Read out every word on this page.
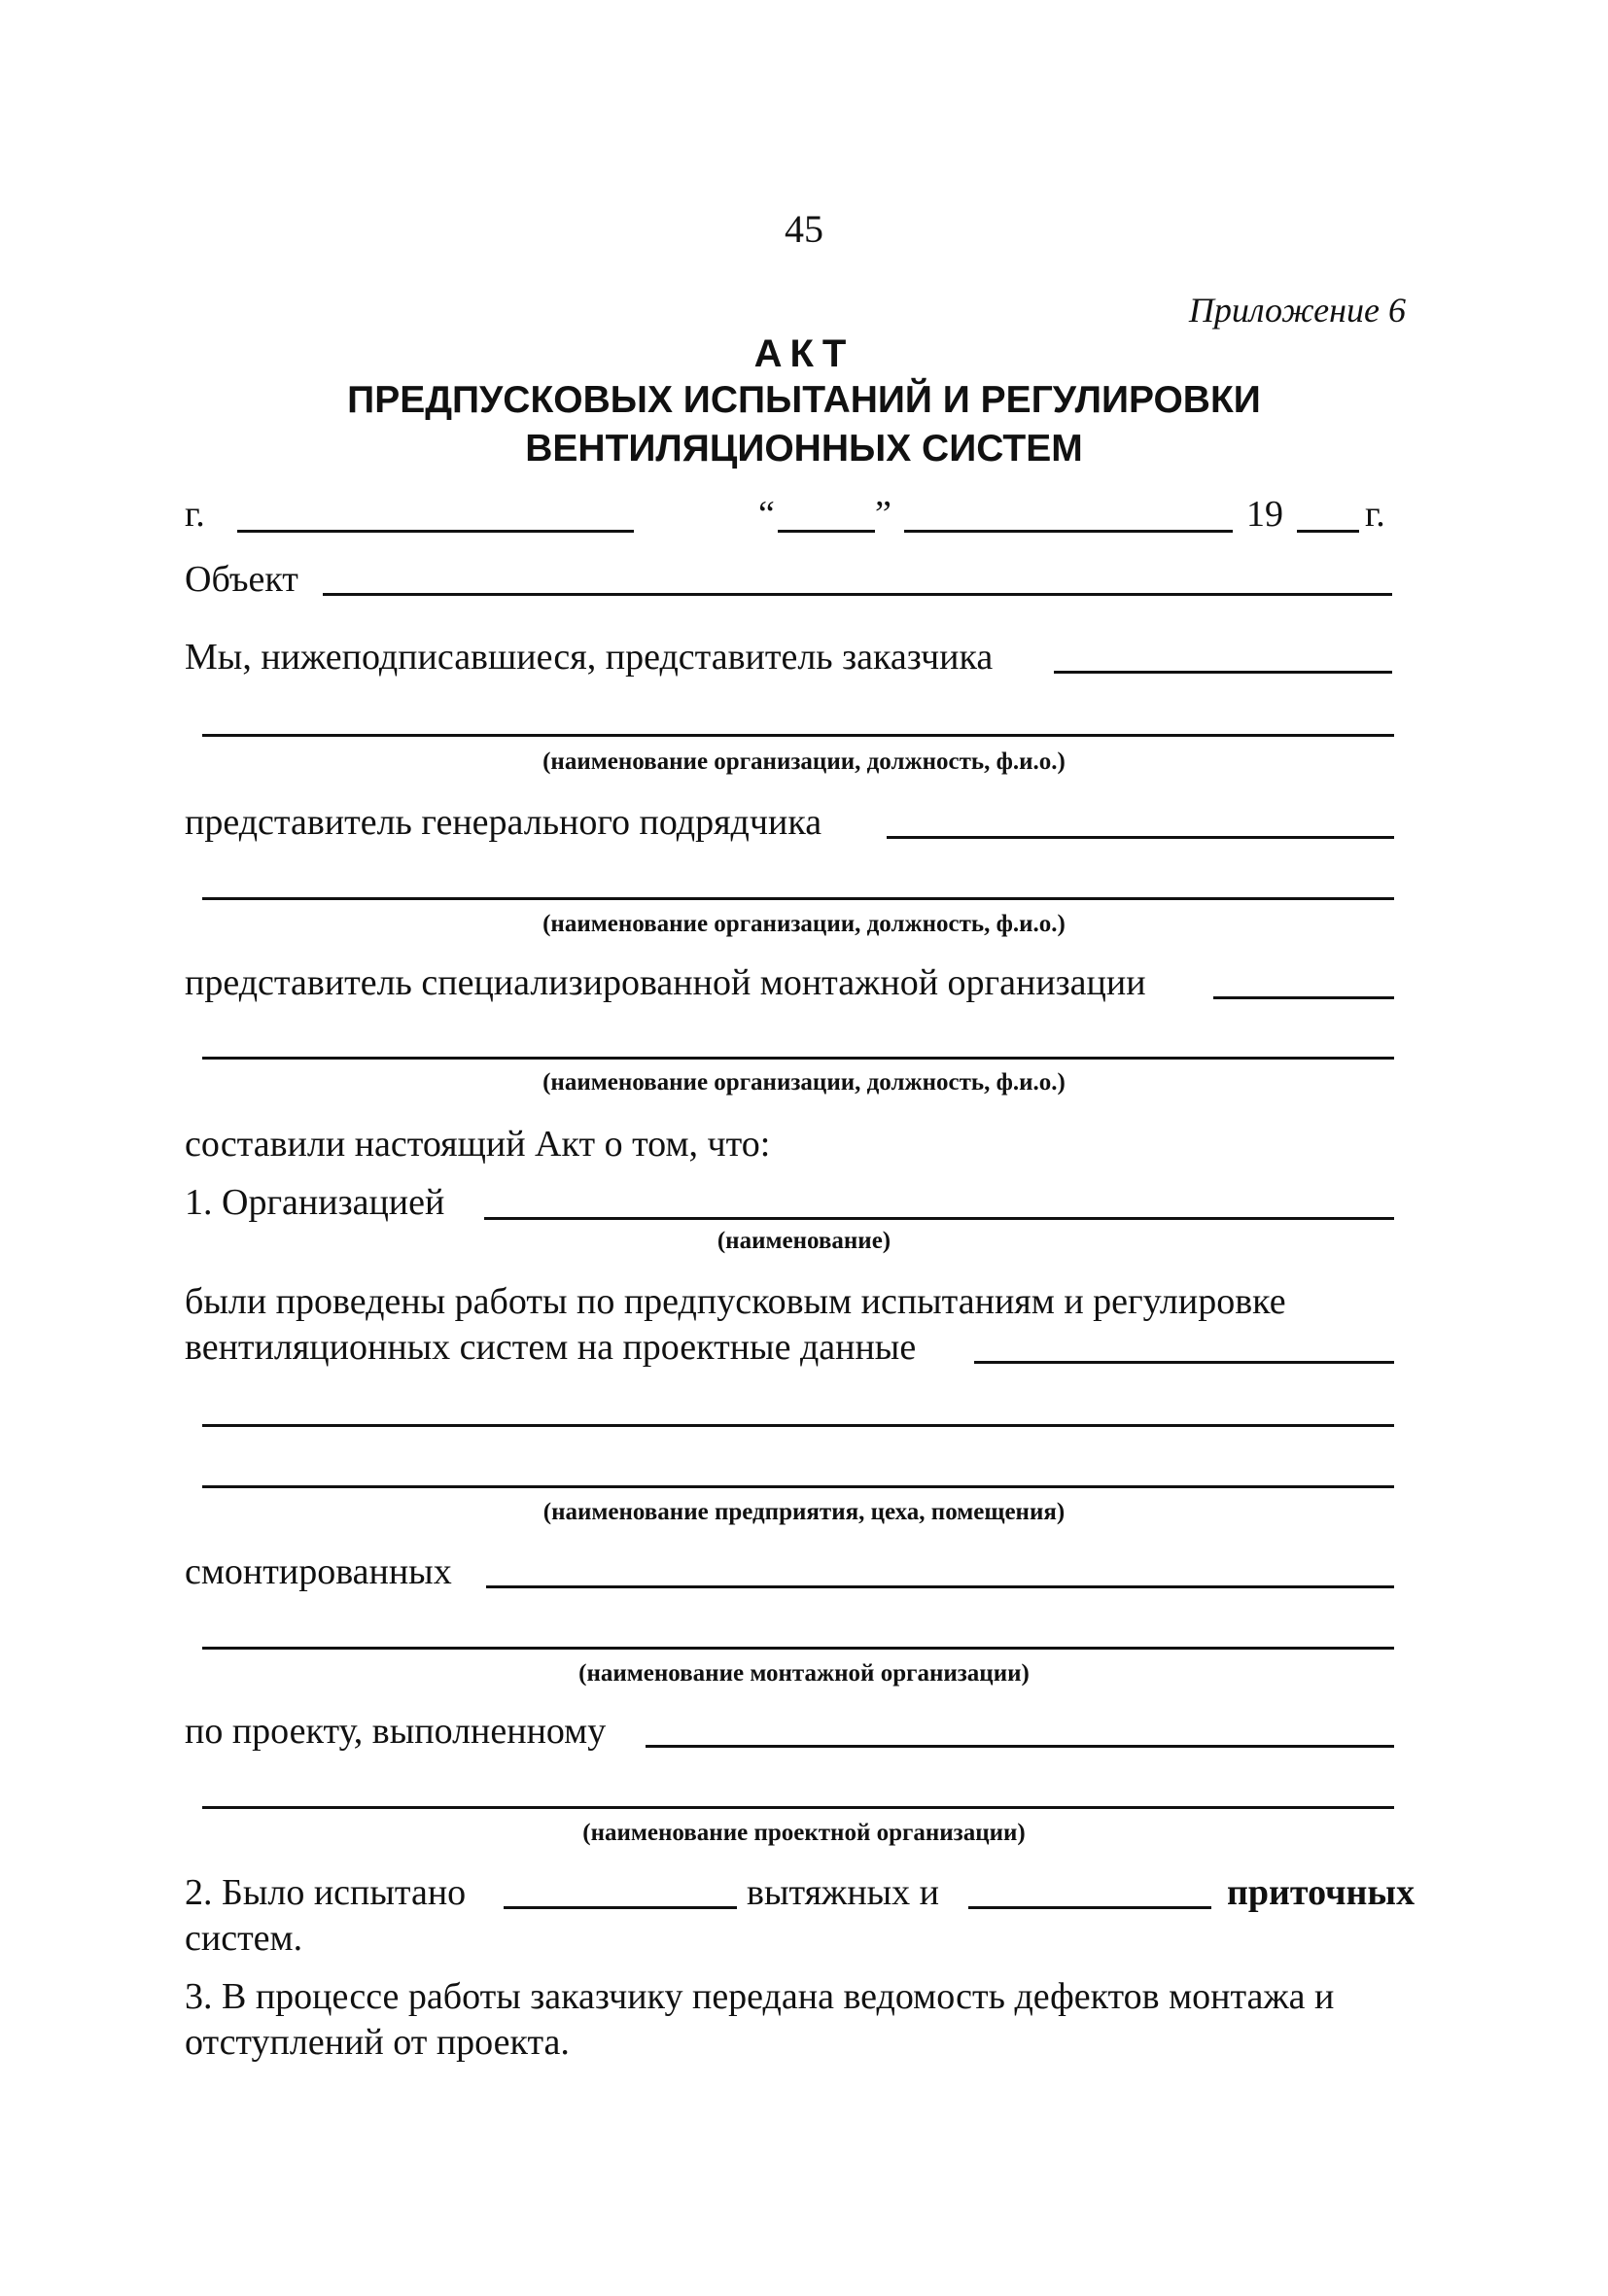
45
Приложение 6
АКТ
ПРЕДПУСКОВЫХ ИСПЫТАНИЙ И РЕГУЛИРОВКИ
ВЕНТИЛЯЦИОННЫХ СИСТЕМ
г.	“	”	19 г.
Объект
Мы, нижеподписавшиеся, представитель заказчика
(наименование организации, должность, ф.и.о.)
представитель генерального подрядчика
(наименование организации, должность, ф.и.о.)
представитель специализированной монтажной организации
(наименование организации, должность, ф.и.о.)
составили настоящий Акт о том, что:
1. Организацией
(наименование)
были проведены работы по предпусковым испытаниям и регулировке
вентиляционных систем на проектные данные
(наименование предприятия, цеха, помещения)
смонтированных
(наименование монтажной организации)
по проекту, выполненному
(наименование проектной организации)
2. Было испытано	вытяжных и	приточных
систем.
3. В процессе работы заказчику передана ведомость дефектов монтажа и
отступлений от проекта.
